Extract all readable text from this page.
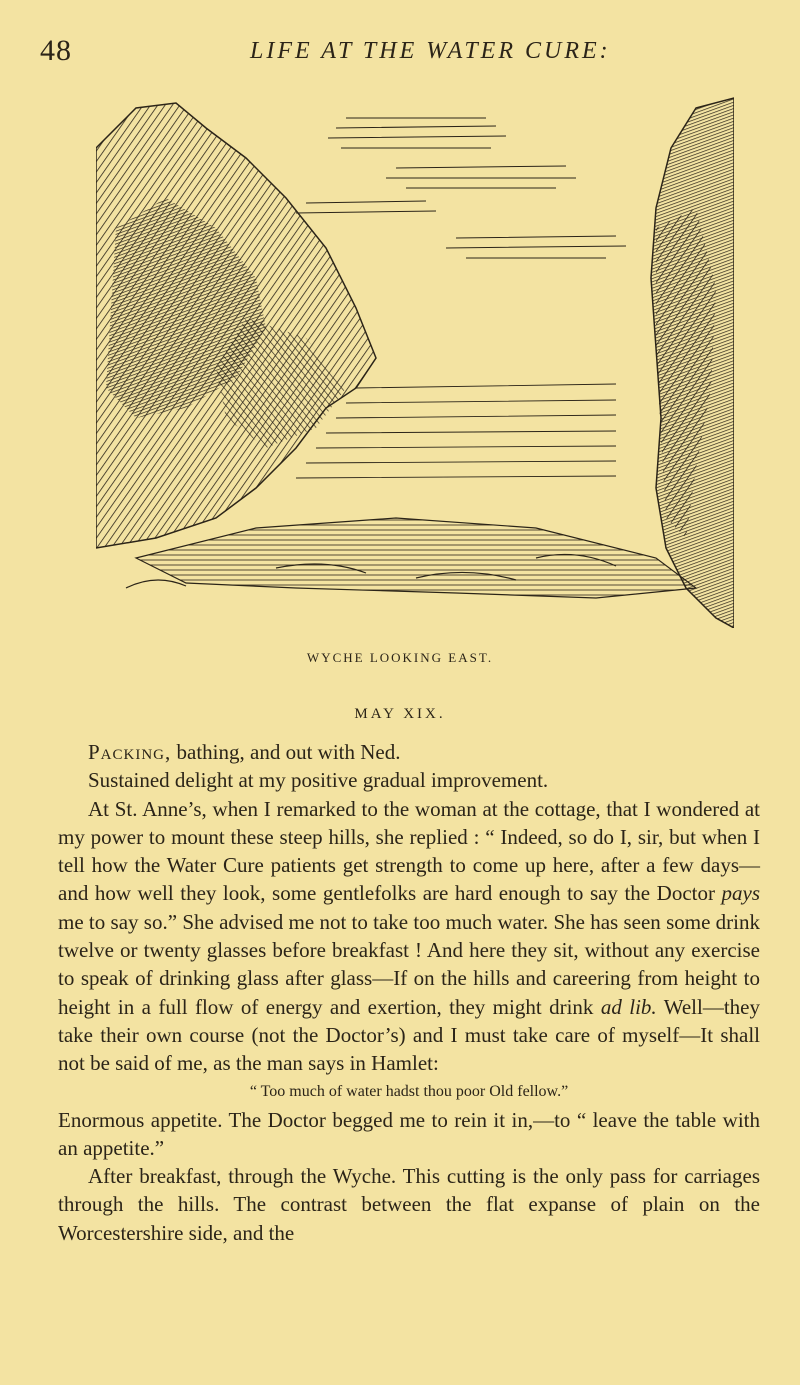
48	LIFE AT THE WATER CURE:
WYCHE LOOKING EAST.
MAY XIX.

Packing, bathing, and out with Ned.

Sustained delight at my positive gradual improvement.

At St. Anne’s, when I remarked to the woman at the cottage, that I wondered at my power to mount these steep hills, she replied : “ Indeed, so do I, sir, but when I tell how the Water Cure patients get strength to come up here, after a few days— and how well they look, some gentlefolks are hard enough to say the Doctor pays me to say so.” She advised me not to take too much water. She has seen some drink twelve or twenty glasses before breakfast ! And here they sit, without any exercise to speak of drinking glass after glass—If on the hills and careering from height to height in a full flow of energy and exertion, they might drink ad lib. Well—they take their own course (not the Doctor’s) and I must take care of myself—It shall not be said of me, as the man says in Hamlet:

“ Too much of water hadst thou poor Old fellow.”

Enormous appetite. The Doctor begged me to rein it in,—to “ leave the table with an appetite.”

After breakfast, through the Wyche. This cutting is the only pass for carriages through the hills. The contrast between the flat expanse of plain on the Worcestershire side, and the
